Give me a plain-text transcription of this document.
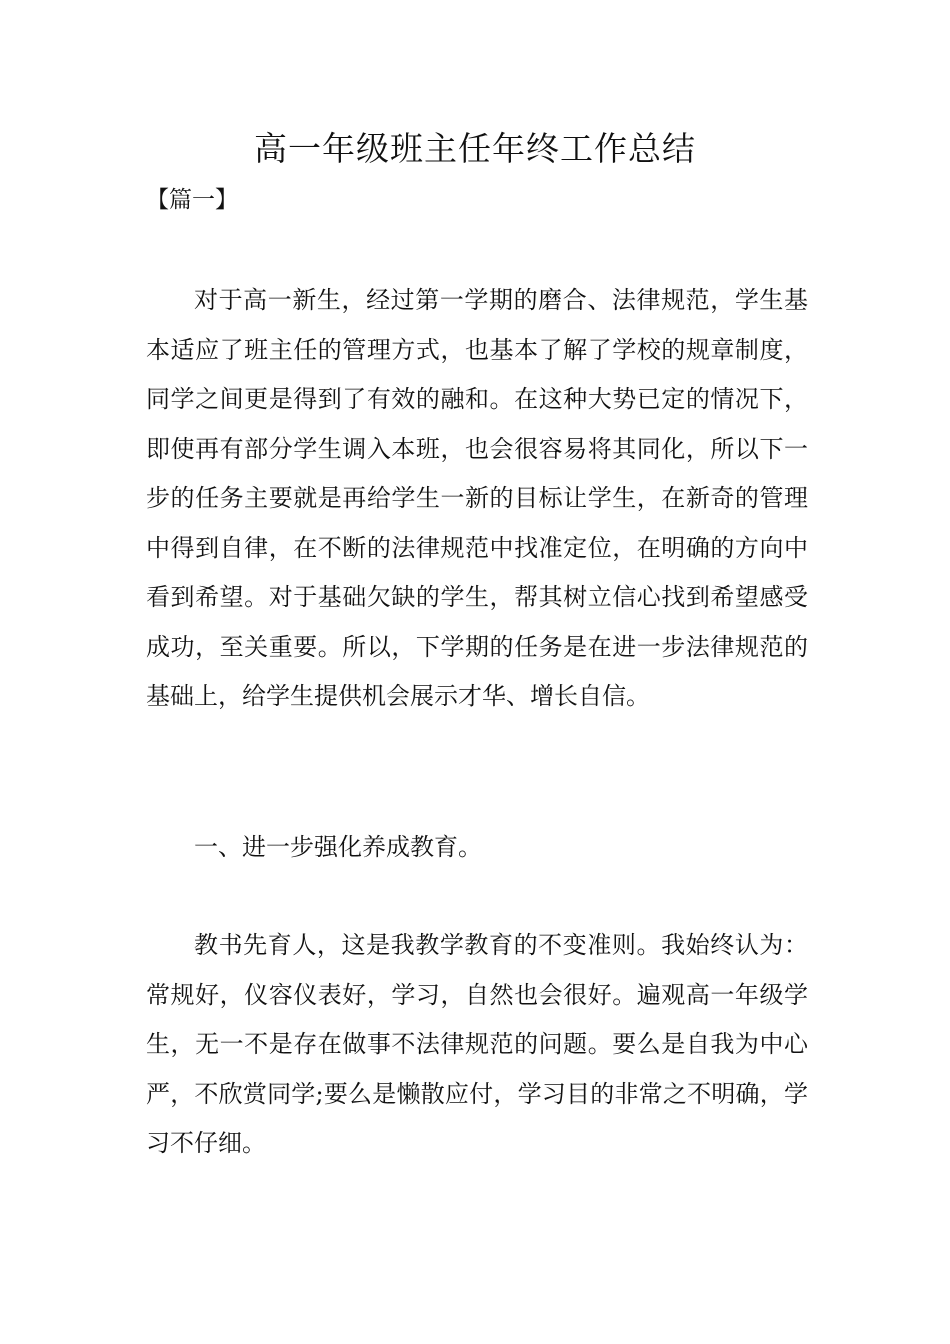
高一年级班主任年终工作总结
【篇一】

对于高一新生，经过第一学期的磨合、法律规范，学生基本适应了班主任的管理方式，也基本了解了学校的规章制度，同学之间更是得到了有效的融和。在这种大势已定的情况下，即使再有部分学生调入本班，也会很容易将其同化，所以下一步的任务主要就是再给学生一新的目标让学生，在新奇的管理中得到自律，在不断的法律规范中找准定位，在明确的方向中看到希望。对于基础欠缺的学生，帮其树立信心找到希望感受成功，至关重要。所以，下学期的任务是在进一步法律规范的基础上，给学生提供机会展示才华、增长自信。

一、进一步强化养成教育。

教书先育人，这是我教学教育的不变准则。我始终认为：常规好，仪容仪表好，学习，自然也会很好。遍观高一年级学生，无一不是存在做事不法律规范的问题。要么是自我为中心严，不欣赏同学;要么是懒散应付，学习目的非常之不明确，学习不仔细。
